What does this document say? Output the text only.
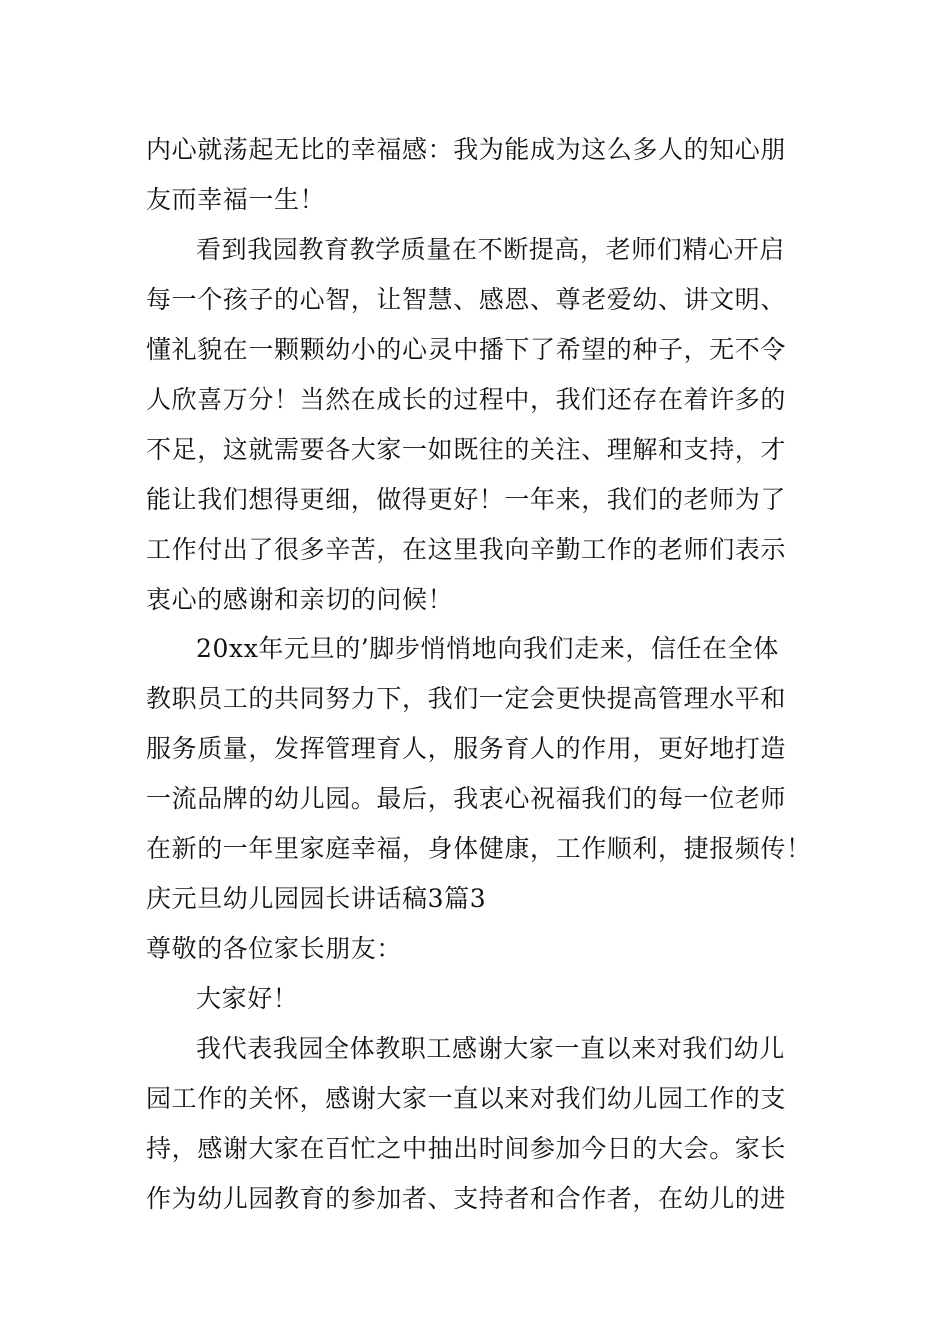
内心就荡起无比的幸福感：我为能成为这么多人的知心朋
友而幸福一生！
看到我园教育教学质量在不断提高，老师们精心开启
每一个孩子的心智，让智慧、感恩、尊老爱幼、讲文明、
懂礼貌在一颗颗幼小的心灵中播下了希望的种子，无不令
人欣喜万分！当然在成长的过程中，我们还存在着许多的
不足，这就需要各大家一如既往的关注、理解和支持，才
能让我们想得更细，做得更好！一年来，我们的老师为了
工作付出了很多辛苦，在这里我向辛勤工作的老师们表示
衷心的感谢和亲切的问候！
20xx年元旦的’脚步悄悄地向我们走来，信任在全体
教职员工的共同努力下，我们一定会更快提高管理水平和
服务质量，发挥管理育人，服务育人的作用，更好地打造
一流品牌的幼儿园。最后，我衷心祝福我们的每一位老师
在新的一年里家庭幸福，身体健康，工作顺利，捷报频传！
庆元旦幼儿园园长讲话稿3篇3
尊敬的各位家长朋友：
大家好！
我代表我园全体教职工感谢大家一直以来对我们幼儿
园工作的关怀，感谢大家一直以来对我们幼儿园工作的支
持，感谢大家在百忙之中抽出时间参加今日的大会。家长
作为幼儿园教育的参加者、支持者和合作者，在幼儿的进
